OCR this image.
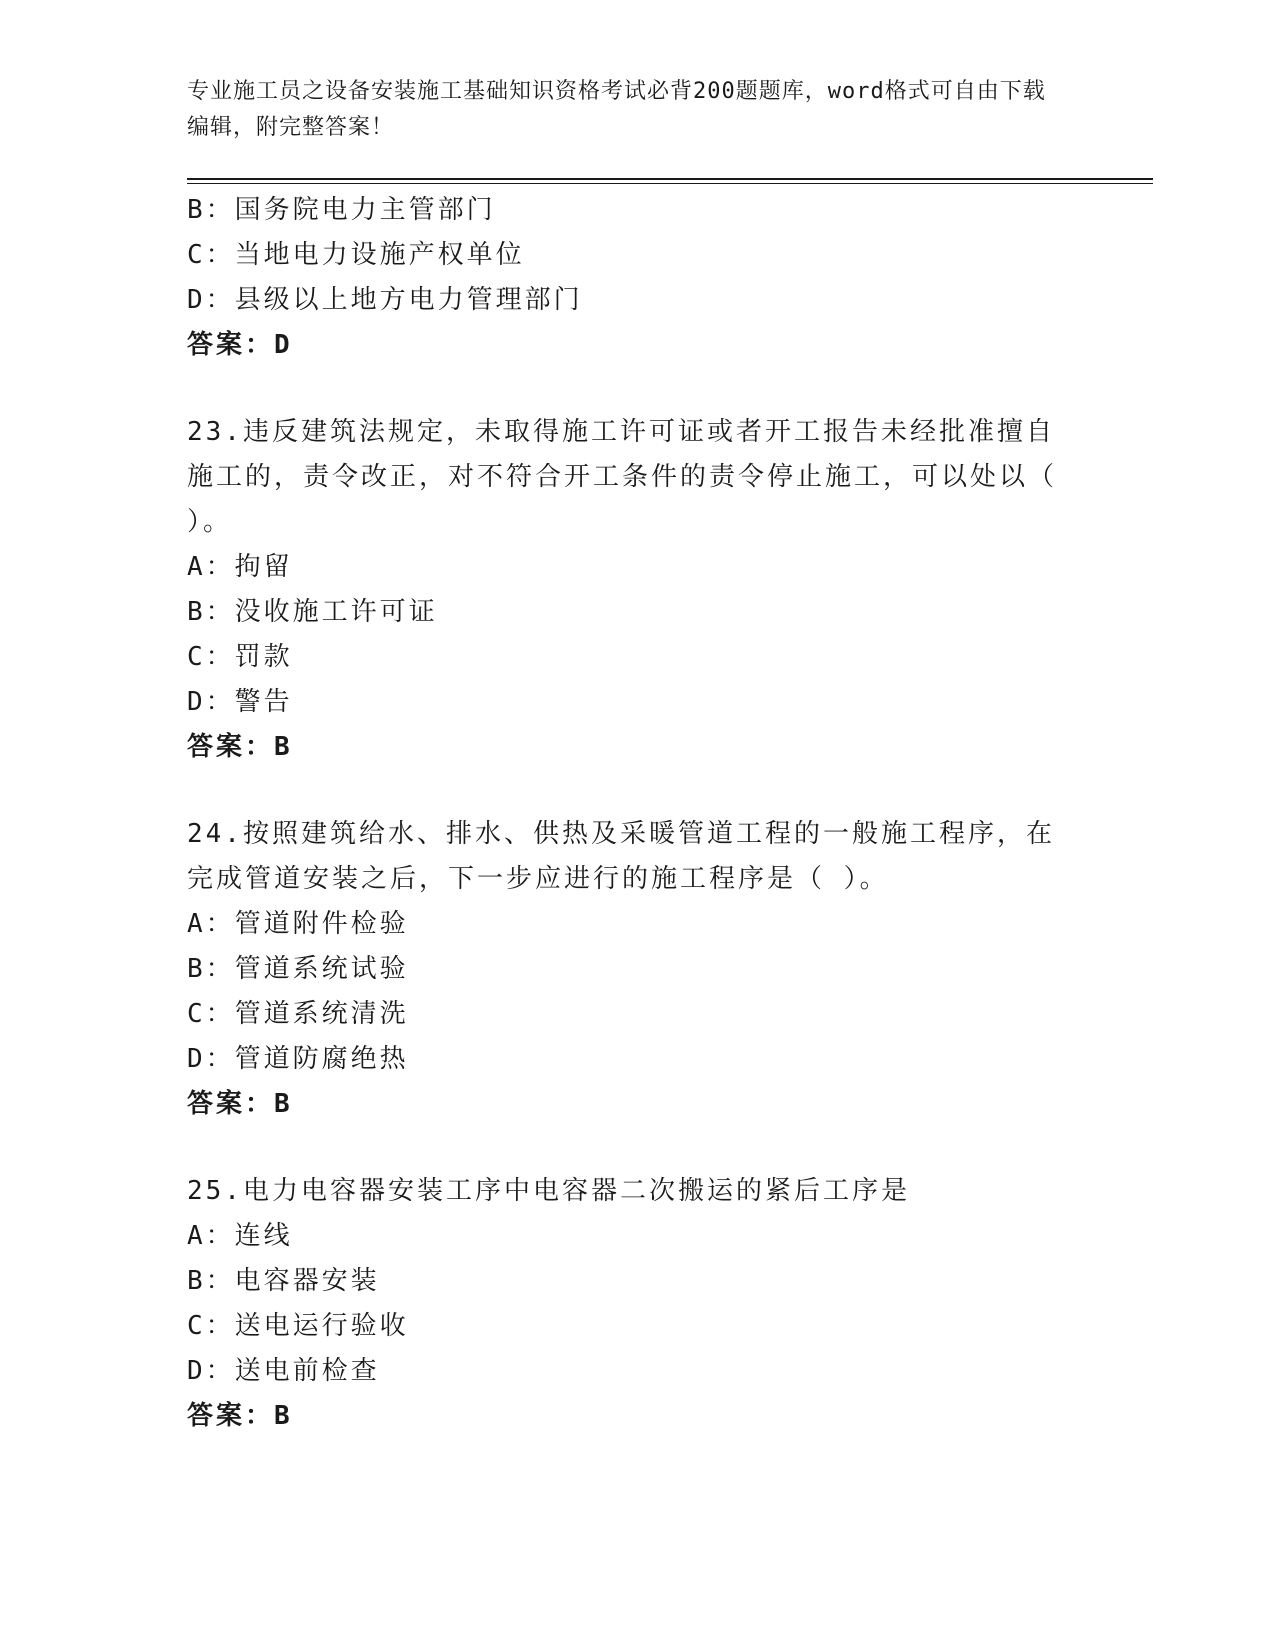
专业施工员之设备安装施工基础知识资格考试必背200题题库，word格式可自由下载编辑，附完整答案！
B：国务院电力主管部门
C：当地电力设施产权单位
D：县级以上地方电力管理部门
答案：D
23.违反建筑法规定，未取得施工许可证或者开工报告未经批准擅自施工的，责令改正，对不符合开工条件的责令停止施工，可以处以（ ）。
A：拘留
B：没收施工许可证
C：罚款
D：警告
答案：B
24.按照建筑给水、排水、供热及采暖管道工程的一般施工程序，在完成管道安装之后，下一步应进行的施工程序是（ ）。
A：管道附件检验
B：管道系统试验
C：管道系统清洗
D：管道防腐绝热
答案：B
25.电力电容器安装工序中电容器二次搬运的紧后工序是
A：连线
B：电容器安装
C：送电运行验收
D：送电前检查
答案：B
